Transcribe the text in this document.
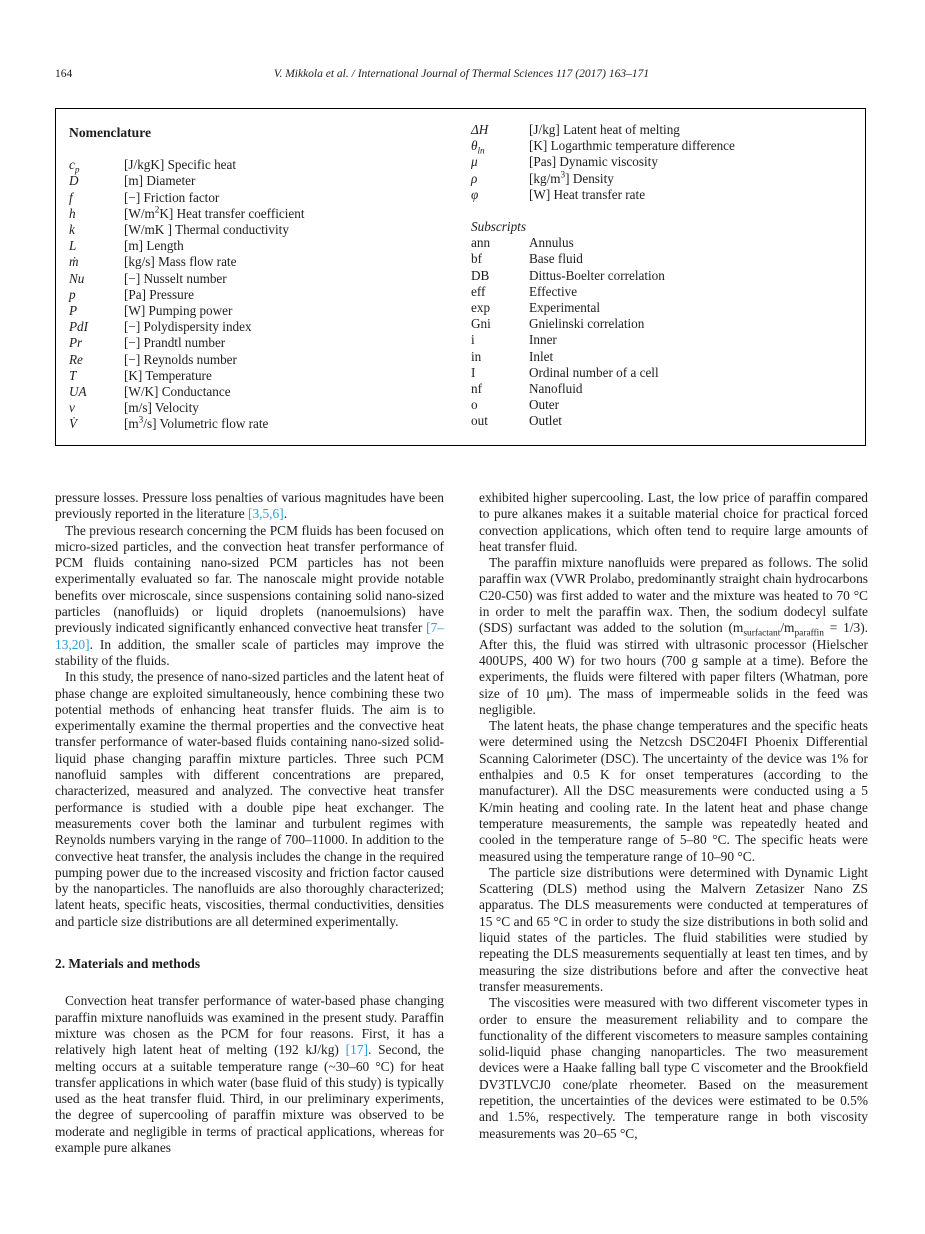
164	V. Mikkola et al. / International Journal of Thermal Sciences 117 (2017) 163–171
Nomenclature
$c_p$	[J/kgK] Specific heat
D	[m] Diameter
f	[−] Friction factor
h	$[W/m^2K]$ Heat transfer coefficient
k	[W/mK ] Thermal conductivity
L	[m] Length
ṁ	[kg/s] Mass flow rate
Nu	[−] Nusselt number
p	[Pa] Pressure
P	[W] Pumping power
PdI	[−] Polydispersity index
Pr	[−] Prandtl number
Re	[−] Reynolds number
T	[K] Temperature
UA	[W/K] Conductance
ν	[m/s] Velocity
V̇	$[m^3/s]$ Volumetric flow rate
ΔH	[J/kg] Latent heat of melting
$\theta_{ln}$	[K] Logarthmic temperature difference
μ	[Pas] Dynamic viscosity
ρ	$[kg/m^3]$ Density
φ	[W] Heat transfer rate
Subscripts
ann	Annulus
bf	Base fluid
DB	Dittus-Boelter correlation
eff	Effective
exp	Experimental
Gni	Gnielinski correlation
i	Inner
in	Inlet
I	Ordinal number of a cell
nf	Nanofluid
o	Outer
out	Outlet

pressure losses. Pressure loss penalties of various magnitudes have been previously reported in the literature [3,5,6].

The previous research concerning the PCM fluids has been focused on micro-sized particles, and the convection heat transfer performance of PCM fluids containing nano-sized PCM particles has not been experimentally evaluated so far. The nanoscale might provide notable benefits over microscale, since suspensions containing solid nano-sized particles (nanofluids) or liquid droplets (nanoemulsions) have previously indicated significantly enhanced convective heat transfer [7–13,20]. In addition, the smaller scale of particles may improve the stability of the fluids.

In this study, the presence of nano-sized particles and the latent heat of phase change are exploited simultaneously, hence combining these two potential methods of enhancing heat transfer fluids. The aim is to experimentally examine the thermal properties and the convective heat transfer performance of water-based fluids containing nano-sized solid-liquid phase changing paraffin mixture particles. Three such PCM nanofluid samples with different concentrations are prepared, characterized, measured and analyzed. The convective heat transfer performance is studied with a double pipe heat exchanger. The measurements cover both the laminar and turbulent regimes with Reynolds numbers varying in the range of 700–11000. In addition to the convective heat transfer, the analysis includes the change in the required pumping power due to the increased viscosity and friction factor caused by the nanoparticles. The nanofluids are also thoroughly characterized; latent heats, specific heats, viscosities, thermal conductivities, densities and particle size distributions are all determined experimentally.

2. Materials and methods

Convection heat transfer performance of water-based phase changing paraffin mixture nanofluids was examined in the present study. Paraffin mixture was chosen as the PCM for four reasons. First, it has a relatively high latent heat of melting (192 kJ/kg) [17]. Second, the melting occurs at a suitable temperature range (~30–60 °C) for heat transfer applications in which water (base fluid of this study) is typically used as the heat transfer fluid. Third, in our preliminary experiments, the degree of supercooling of paraffin mixture was observed to be moderate and negligible in terms of practical applications, whereas for example pure alkanes

exhibited higher supercooling. Last, the low price of paraffin compared to pure alkanes makes it a suitable material choice for practical forced convection applications, which often tend to require large amounts of heat transfer fluid.

The paraffin mixture nanofluids were prepared as follows. The solid paraffin wax (VWR Prolabo, predominantly straight chain hydrocarbons C20-C50) was first added to water and the mixture was heated to 70 °C in order to melt the paraffin wax. Then, the sodium dodecyl sulfate (SDS) surfactant was added to the solution $(m_{surfactant}/m_{paraffin} = 1/3)$. After this, the fluid was stirred with ultrasonic processor (Hielscher 400UPS, 400 W) for two hours (700 g sample at a time). Before the experiments, the fluids were filtered with paper filters (Whatman, pore size of 10 μm). The mass of impermeable solids in the feed was negligible.

The latent heats, the phase change temperatures and the specific heats were determined using the Netzcsh DSC204FI Phoenix Differential Scanning Calorimeter (DSC). The uncertainty of the device was 1% for enthalpies and 0.5 K for onset temperatures (according to the manufacturer). All the DSC measurements were conducted using a 5 K/min heating and cooling rate. In the latent heat and phase change temperature measurements, the sample was repeatedly heated and cooled in the temperature range of 5–80 °C. The specific heats were measured using the temperature range of 10–90 °C.

The particle size distributions were determined with Dynamic Light Scattering (DLS) method using the Malvern Zetasizer Nano ZS apparatus. The DLS measurements were conducted at temperatures of 15 °C and 65 °C in order to study the size distributions in both solid and liquid states of the particles. The fluid stabilities were studied by repeating the DLS measurements sequentially at least ten times, and by measuring the size distributions before and after the convective heat transfer measurements.

The viscosities were measured with two different viscometer types in order to ensure the measurement reliability and to compare the functionality of the different viscometers to measure samples containing solid-liquid phase changing nanoparticles. The two measurement devices were a Haake falling ball type C viscometer and the Brookfield DV3TLVCJ0 cone/plate rheometer. Based on the measurement repetition, the uncertainties of the devices were estimated to be 0.5% and 1.5%, respectively. The temperature range in both viscosity measurements was 20–65 °C,
